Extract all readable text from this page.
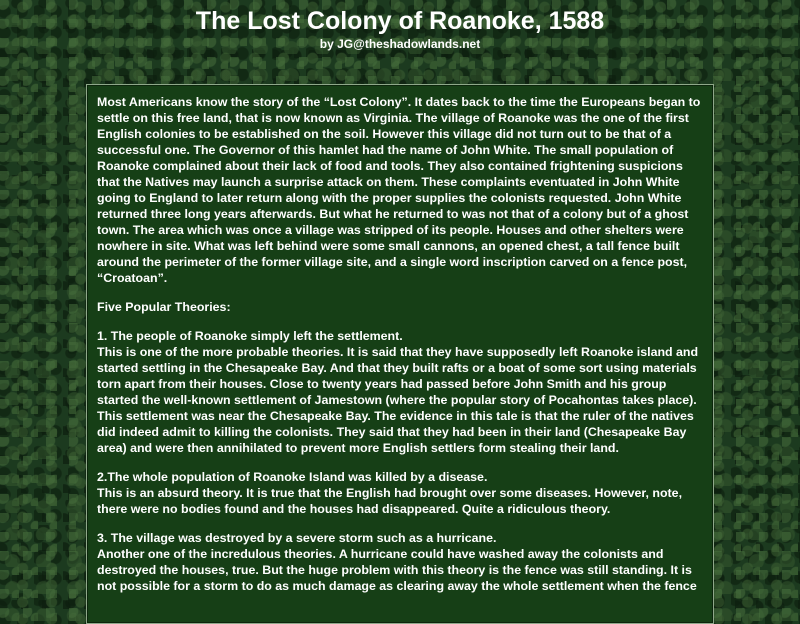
The Lost Colony of Roanoke, 1588
by JG@theshadowlands.net

Most Americans know the story of the “Lost Colony”. It dates back to the time the Europeans began to settle on this free land, that is now known as Virginia. The village of Roanoke was the one of the first English colonies to be established on the soil. However this village did not turn out to be that of a successful one. The Governor of this hamlet had the name of John White. The small population of Roanoke complained about their lack of food and tools. They also contained frightening suspicions that the Natives may launch a surprise attack on them. These complaints eventuated in John White going to England to later return along with the proper supplies the colonists requested. John White returned three long years afterwards. But what he returned to was not that of a colony but of a ghost town. The area which was once a village was stripped of its people. Houses and other shelters were nowhere in site. What was left behind were some small cannons, an opened chest, a tall fence built around the perimeter of the former village site, and a single word inscription carved on a fence post, “Croatoan”.

Five Popular Theories:

1. The people of Roanoke simply left the settlement.
This is one of the more probable theories. It is said that they have supposedly left Roanoke island and started settling in the Chesapeake Bay. And that they built rafts or a boat of some sort using materials torn apart from their houses. Close to twenty years had passed before John Smith and his group started the well-known settlement of Jamestown (where the popular story of Pocahontas takes place). This settlement was near the Chesapeake Bay. The evidence in this tale is that the ruler of the natives did indeed admit to killing the colonists. They said that they had been in their land (Chesapeake Bay area) and were then annihilated to prevent more English settlers form stealing their land.

2.The whole population of Roanoke Island was killed by a disease.
This is an absurd theory. It is true that the English had brought over some diseases. However, note, there were no bodies found and the houses had disappeared. Quite a ridiculous theory.

3. The village was destroyed by a severe storm such as a hurricane.
Another one of the incredulous theories. A hurricane could have washed away the colonists and destroyed the houses, true. But the huge problem with this theory is the fence was still standing. It is not possible for a storm to do as much damage as clearing away the whole settlement when the fence
